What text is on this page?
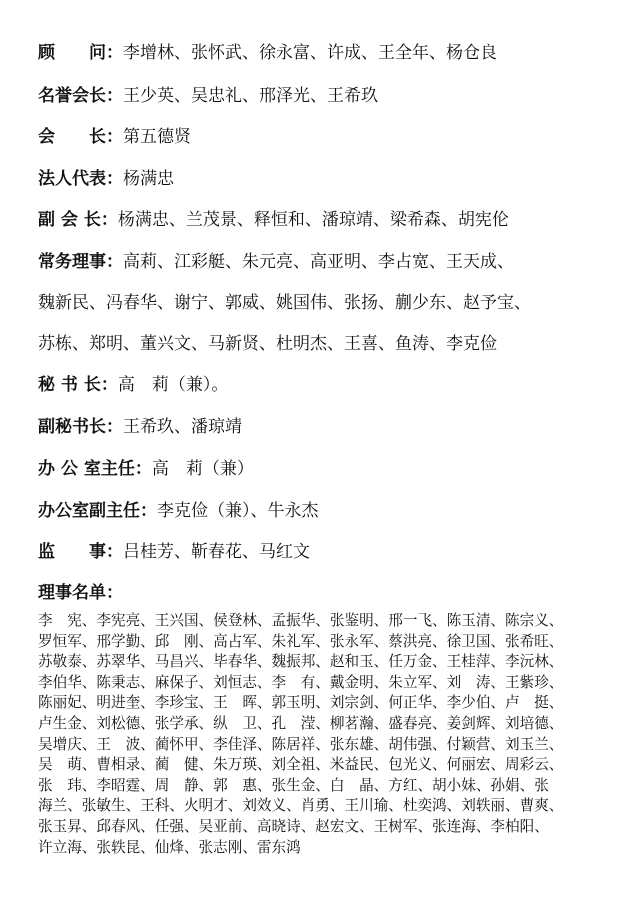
顾　　问：李增林、张怀武、徐永富、许成、王全年、杨仓良
名誉会长：王少英、吴忠礼、邢泽光、王希玖
会　　长：第五德贤
法人代表：杨满忠
副 会 长：杨满忠、兰茂景、释恒和、潘琼靖、梁希森、胡宪伦
常务理事：高莉、江彩艇、朱元亮、高亚明、李占宽、王天成、
魏新民、冯春华、谢宁、郭威、姚国伟、张扬、蒯少东、赵予宝、
苏栋、郑明、董兴文、马新贤、杜明杰、王喜、鱼涛、李克俭
秘 书 长：高　莉（兼）。
副秘书长：王希玖、潘琼靖
办 公 室主任：高　莉（兼）
办公室副主任：李克俭（兼）、牛永杰
监　　事：吕桂芳、靳春花、马红文
理事名单：
李　宪、李宪亮、王兴国、侯登林、孟振华、张鉴明、邢一飞、陈玉清、陈宗义、
罗恒军、邢学勤、邱　刚、高占军、朱礼军、张永军、蔡洪亮、徐卫国、张希旺、
苏敬泰、苏翠华、马昌兴、毕春华、魏振邦、赵和玉、任万金、王桂萍、李沅林、
李伯华、陈秉志、麻保子、刘恒志、李　有、戴金明、朱立军、刘　涛、王紫珍、
陈丽妃、明进奎、李珍宝、王　晖、郭玉明、刘宗剑、何正华、李少伯、卢　挺、
卢生金、刘松德、张学承、纵　卫、孔　滢、柳茗瀚、盛春亮、姜剑辉、刘培德、
吴增庆、王　波、蔺怀甲、李佳泽、陈居祥、张东雄、胡伟强、付颖营、刘玉兰、
吴　萌、曹相录、蔺　健、朱万瑛、刘全祖、米益民、包光义、何丽宏、周彩云、
张　玮、李昭霆、周　静、郭　惠、张生金、白　晶、方红、胡小妹、孙娟、张
海兰、张敏生、王科、火明才、刘效义、肖勇、王川瑜、杜奕鸿、刘轶丽、曹爽、
张玉昇、邱春风、任强、吴亚前、高晓诗、赵宏文、王树军、张连海、李柏阳、
许立海、张轶昆、仙烽、张志刚、雷东鸿
